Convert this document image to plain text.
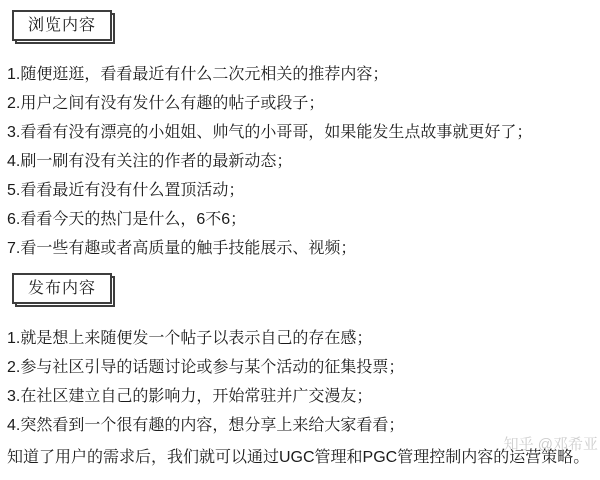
浏览内容
1.随便逛逛，看看最近有什么二次元相关的推荐内容；
2.用户之间有没有发什么有趣的帖子或段子；
3.看看有没有漂亮的小姐姐、帅气的小哥哥，如果能发生点故事就更好了；
4.刷一刷有没有关注的作者的最新动态；
5.看看最近有没有什么置顶活动；
6.看看今天的热门是什么，6不6；
7.看一些有趣或者高质量的触手技能展示、视频；
发布内容
1.就是想上来随便发一个帖子以表示自己的存在感；
2.参与社区引导的话题讨论或参与某个活动的征集投票；
3.在社区建立自己的影响力，开始常驻并广交漫友；
4.突然看到一个很有趣的内容，想分享上来给大家看看；
知道了用户的需求后，我们就可以通过UGC管理和PGC管理控制内容的运营策略。
知乎 @邓希亚
